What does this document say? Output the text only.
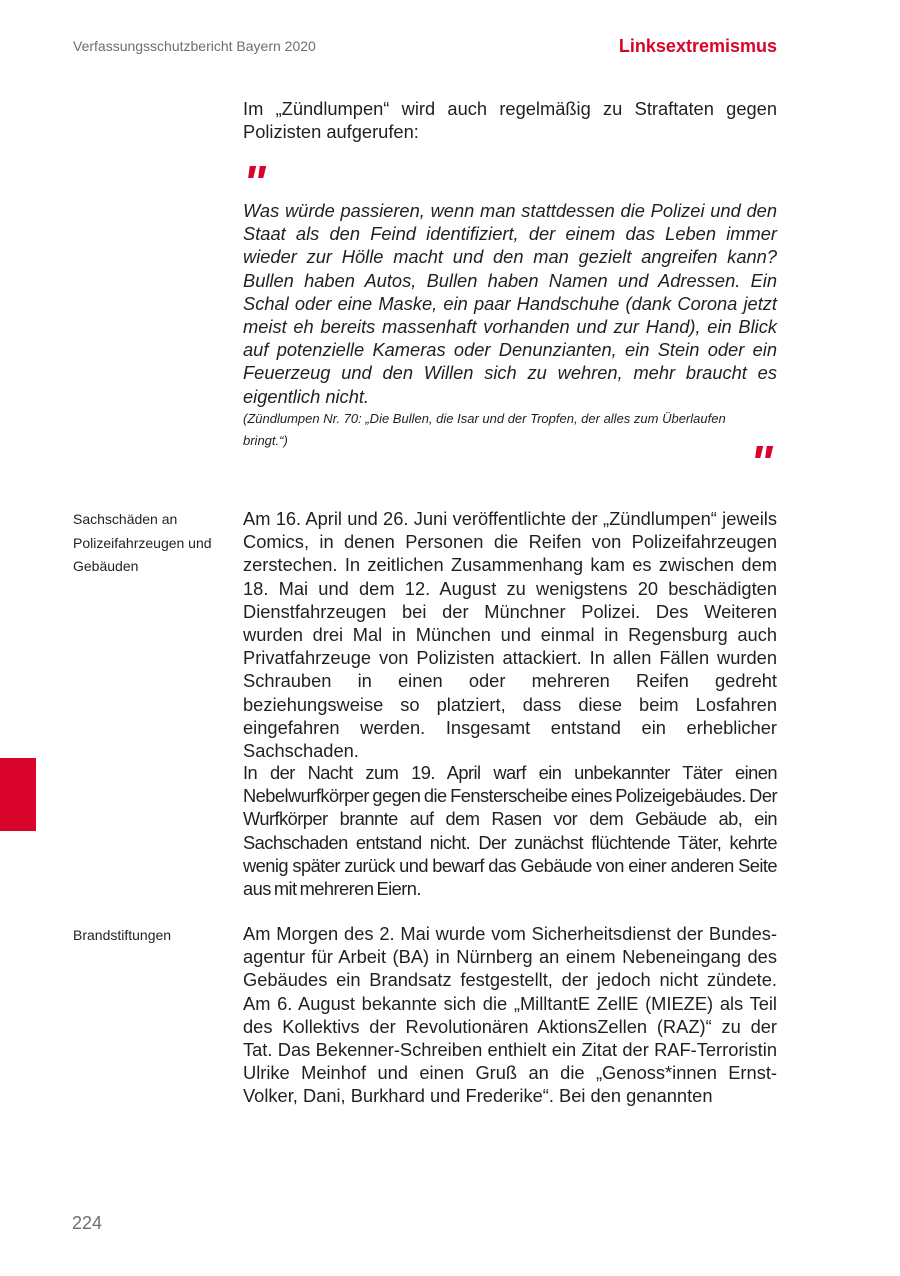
Verfassungsschutzbericht Bayern 2020	Linksextremismus

Im „Zündlumpen“ wird auch regelmäßig zu Straftaten gegen Polizisten aufgerufen:

"

Was würde passieren, wenn man stattdessen die Polizei und den Staat als den Feind identifiziert, der einem das Leben immer wieder zur Hölle macht und den man gezielt angreifen kann? Bullen haben Autos, Bullen haben Namen und Adressen. Ein Schal oder eine Maske, ein paar Handschuhe (dank Corona jetzt meist eh bereits massenhaft vorhanden und zur Hand), ein Blick auf potenzielle Kameras oder Denunzianten, ein Stein oder ein Feuerzeug und den Willen sich zu wehren, mehr braucht es eigentlich nicht.

(Zündlumpen Nr. 70: „Die Bullen, die Isar und der Tropfen, der alles zum Überlaufen bringt.“)	"
Sachschäden an Polizeifahrzeugen und Gebäuden

Am 16. April und 26. Juni veröffentlichte der „Zündlumpen“ jeweils Comics, in denen Personen die Reifen von Polizeifahrzeugen zerstechen. In zeitlichen Zusammenhang kam es zwischen dem 18. Mai und dem 12. August zu wenigstens 20 beschädigten Dienstfahrzeugen bei der Münchner Polizei. Des Weiteren wurden drei Mal in München und einmal in Regensburg auch Privatfahrzeuge von Polizisten attackiert. In allen Fällen wurden Schrauben in einen oder mehreren Reifen gedreht beziehungsweise so platziert, dass diese beim Losfahren eingefahren werden. Insgesamt entstand ein erheblicher Sachschaden.

In der Nacht zum 19. April warf ein unbekannter Täter einen Nebelwurfkörper gegen die Fensterscheibe eines Polizeigebäudes. Der Wurfkörper brannte auf dem Rasen vor dem Gebäude ab, ein Sachschaden entstand nicht. Der zunächst flüchtende Täter, kehrte wenig später zurück und bewarf das Gebäude von einer anderen Seite aus mit mehreren Eiern.

Brandstiftungen	Am Morgen des 2. Mai wurde vom Sicherheitsdienst der Bundesagentur für Arbeit (BA) in Nürnberg an einem Nebeneingang des Gebäudes ein Brandsatz festgestellt, der jedoch nicht zündete. Am 6. August bekannte sich die „MilltantE ZellE (MIEZE) als Teil des Kollektivs der Revolutionären AktionsZellen (RAZ)“ zu der Tat. Das Bekenner-Schreiben enthielt ein Zitat der RAF-Terroristin Ulrike Meinhof und einen Gruß an die „Genoss*innen Ernst-Volker, Dani, Burkhard und Frederike“. Bei den genannten

224
